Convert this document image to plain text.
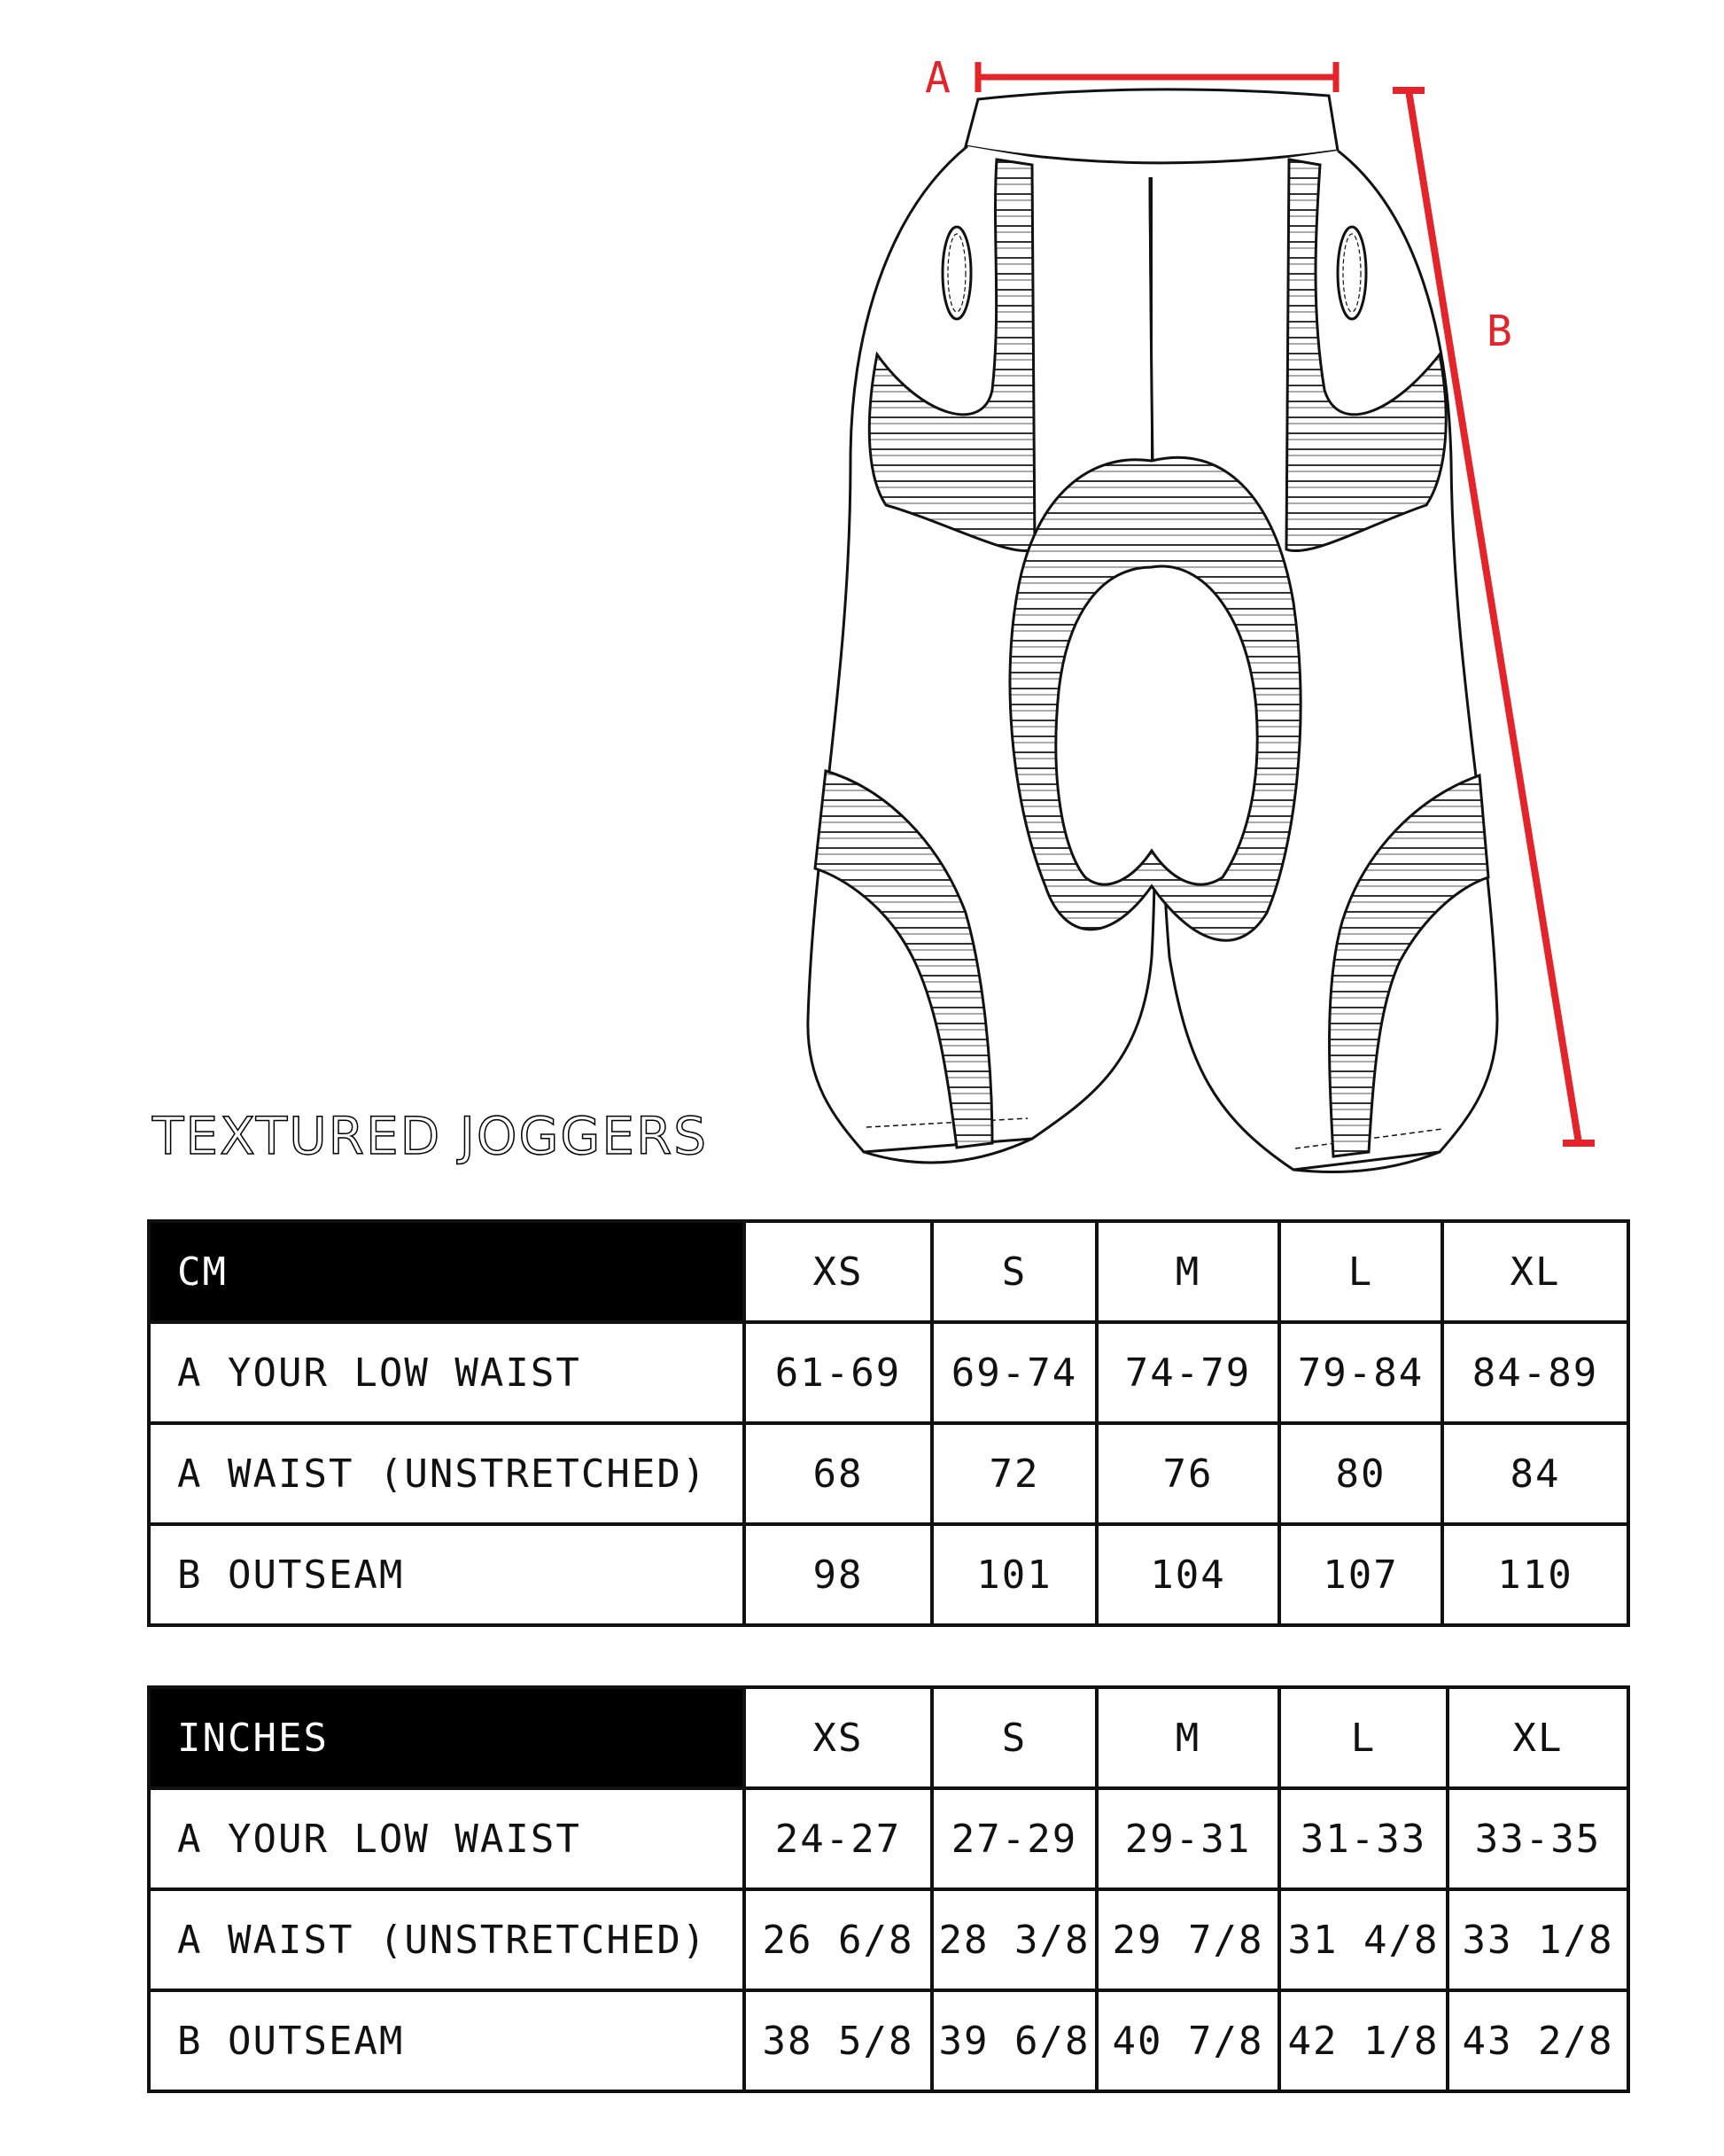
A
B
TEXTURED JOGGERS
CM	XS	S	M	L	XL
A YOUR LOW WAIST	61-69	69-74	74-79	79-84	84-89
A WAIST (UNSTRETCHED)	68	72	76	80	84
B OUTSEAM	98	101	104	107	110
INCHES	XS	S	M	L	XL
A YOUR LOW WAIST	24-27	27-29	29-31	31-33	33-35
A WAIST (UNSTRETCHED)	26 6/8	28 3/8	29 7/8	31 4/8	33 1/8
B OUTSEAM	38 5/8	39 6/8	40 7/8	42 1/8	43 2/8
